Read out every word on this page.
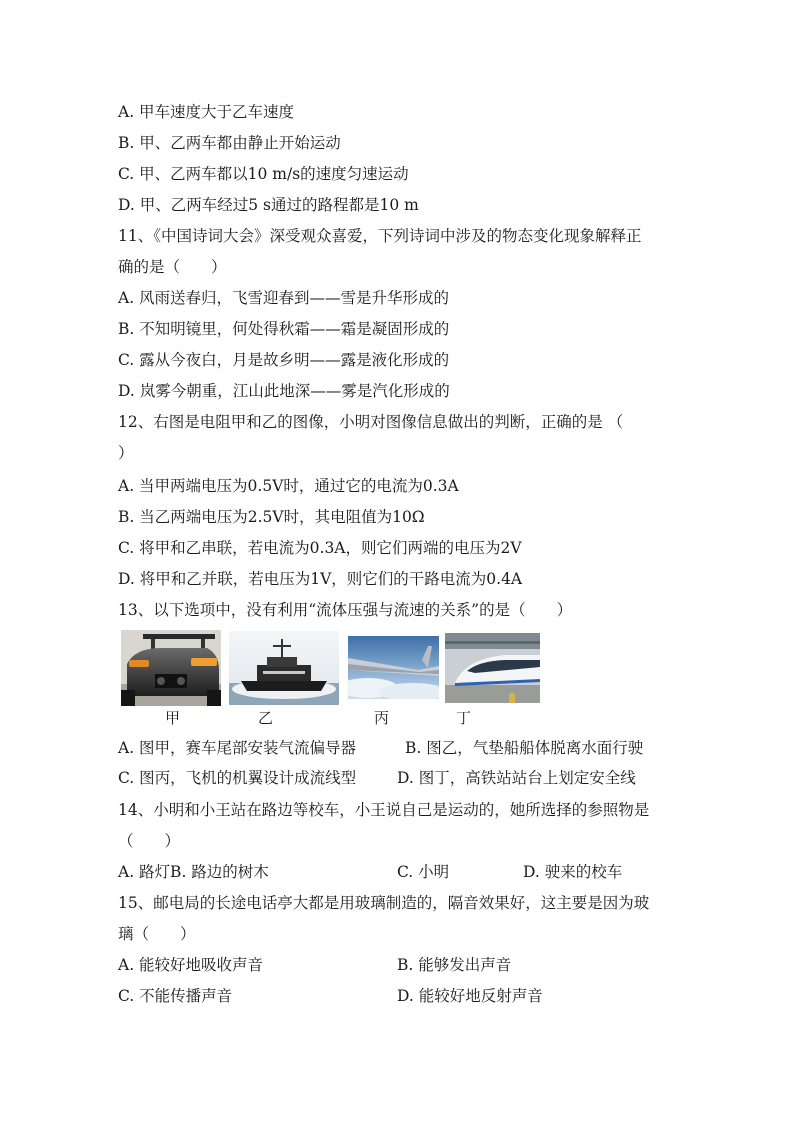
A. 甲车速度大于乙车速度
B. 甲、乙两车都由静止开始运动
C. 甲、乙两车都以10 m/s的速度匀速运动
D. 甲、乙两车经过5 s通过的路程都是10 m
11、《中国诗词大会》深受观众喜爱，下列诗词中涉及的物态变化现象解释正
确的是（　　）
A. 风雨送春归，飞雪迎春到——雪是升华形成的
B. 不知明镜里，何处得秋霜——霜是凝固形成的
C. 露从今夜白，月是故乡明——露是液化形成的
D. 岚雾今朝重，江山此地深——雾是汽化形成的
12、右图是电阻甲和乙的图像，小明对图像信息做出的判断，正确的是 （
）
A. 当甲两端电压为0.5V时，通过它的电流为0.3A
B. 当乙两端电压为2.5V时，其电阻值为10Ω
C. 将甲和乙串联，若电流为0.3A，则它们两端的电压为2V
D. 将甲和乙并联，若电压为1V，则它们的干路电流为0.4A
13、以下选项中，没有利用“流体压强与流速的关系”的是（　　）
甲	乙	丙	丁
A. 图甲，赛车尾部安装气流偏导器	B. 图乙，气垫船船体脱离水面行驶
C. 图丙，飞机的机翼设计成流线型	D. 图丁，高铁站站台上划定安全线
14、小明和小王站在路边等校车，小王说自己是运动的，她所选择的参照物是
（　　）
A. 路灯B. 路边的树木	C. 小明	D. 驶来的校车
15、邮电局的长途电话亭大都是用玻璃制造的，隔音效果好，这主要是因为玻
璃（　　）
A. 能较好地吸收声音	B. 能够发出声音
C. 不能传播声音	D. 能较好地反射声音
